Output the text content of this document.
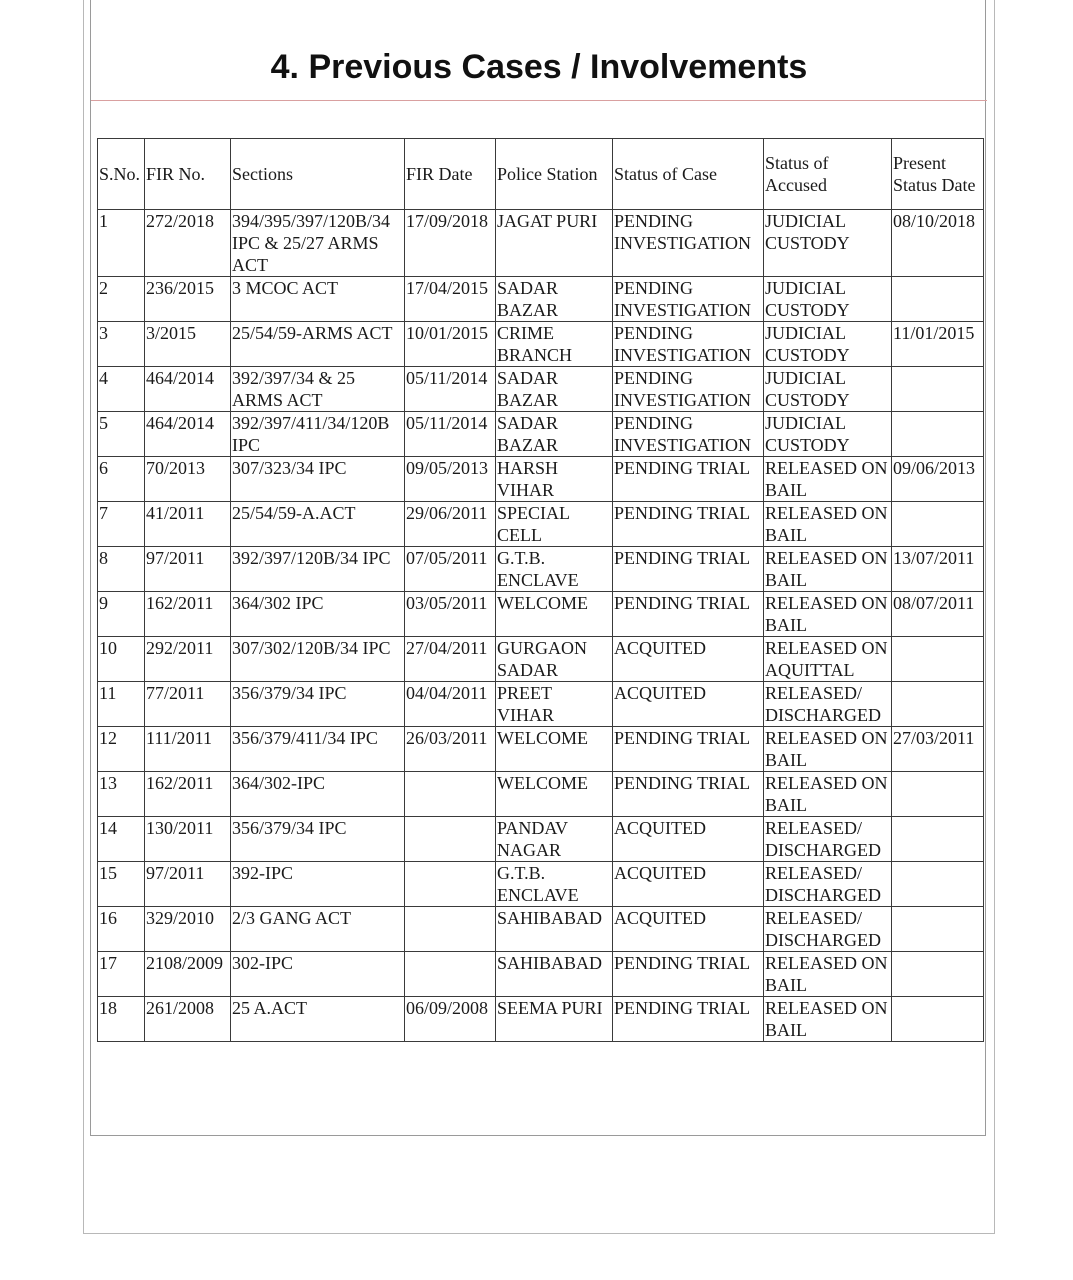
4. Previous Cases / Involvements
S.No.	FIR No.	Sections	FIR Date	Police Station	Status of Case	Status of Accused	Present Status Date
1	272/2018	394/395/397/120B/34 IPC & 25/27 ARMS ACT	17/09/2018	JAGAT PURI	PENDING INVESTIGATION	JUDICIAL CUSTODY	08/10/2018
2	236/2015	3 MCOC ACT	17/04/2015	SADAR BAZAR	PENDING INVESTIGATION	JUDICIAL CUSTODY	
3	3/2015	25/54/59-ARMS ACT	10/01/2015	CRIME BRANCH	PENDING INVESTIGATION	JUDICIAL CUSTODY	11/01/2015
4	464/2014	392/397/34 & 25 ARMS ACT	05/11/2014	SADAR BAZAR	PENDING INVESTIGATION	JUDICIAL CUSTODY	
5	464/2014	392/397/411/34/120B IPC	05/11/2014	SADAR BAZAR	PENDING INVESTIGATION	JUDICIAL CUSTODY	
6	70/2013	307/323/34 IPC	09/05/2013	HARSH VIHAR	PENDING TRIAL	RELEASED ON BAIL	09/06/2013
7	41/2011	25/54/59-A.ACT	29/06/2011	SPECIAL CELL	PENDING TRIAL	RELEASED ON BAIL	
8	97/2011	392/397/120B/34 IPC	07/05/2011	G.T.B. ENCLAVE	PENDING TRIAL	RELEASED ON BAIL	13/07/2011
9	162/2011	364/302 IPC	03/05/2011	WELCOME	PENDING TRIAL	RELEASED ON BAIL	08/07/2011
10	292/2011	307/302/120B/34 IPC	27/04/2011	GURGAON SADAR	ACQUITED	RELEASED ON AQUITTAL	
11	77/2011	356/379/34 IPC	04/04/2011	PREET VIHAR	ACQUITED	RELEASED/ DISCHARGED	
12	111/2011	356/379/411/34 IPC	26/03/2011	WELCOME	PENDING TRIAL	RELEASED ON BAIL	27/03/2011
13	162/2011	364/302-IPC		WELCOME	PENDING TRIAL	RELEASED ON BAIL	
14	130/2011	356/379/34 IPC		PANDAV NAGAR	ACQUITED	RELEASED/ DISCHARGED	
15	97/2011	392-IPC		G.T.B. ENCLAVE	ACQUITED	RELEASED/ DISCHARGED	
16	329/2010	2/3 GANG ACT		SAHIBABAD	ACQUITED	RELEASED/ DISCHARGED	
17	2108/2009	302-IPC		SAHIBABAD	PENDING TRIAL	RELEASED ON BAIL	
18	261/2008	25 A.ACT	06/09/2008	SEEMA PURI	PENDING TRIAL	RELEASED ON BAIL	
